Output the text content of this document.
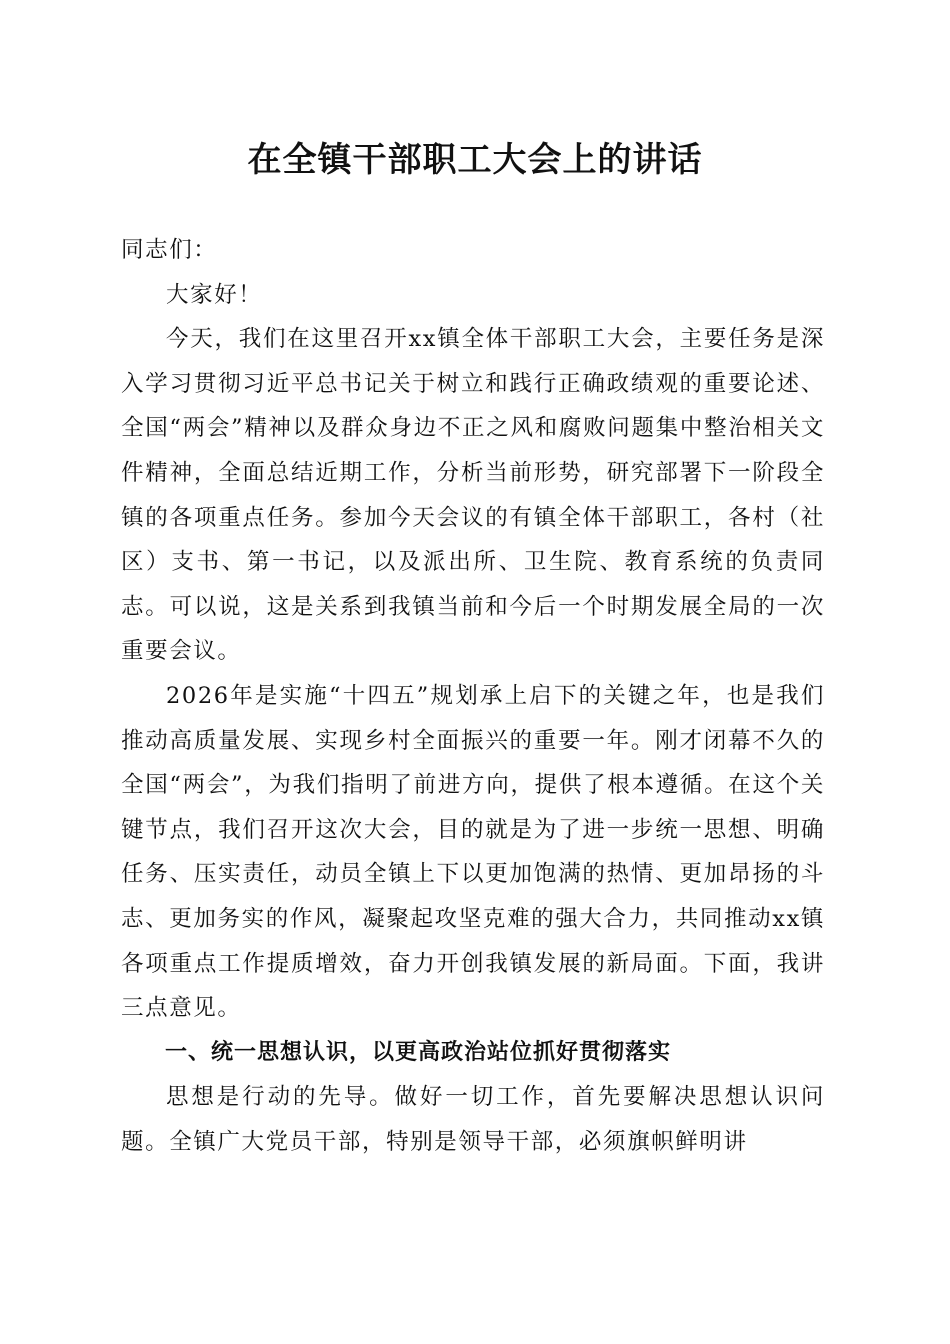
在全镇干部职工大会上的讲话

同志们：

大家好！

今天，我们在这里召开xx镇全体干部职工大会，主要任务是深入学习贯彻习近平总书记关于树立和践行正确政绩观的重要论述、全国“两会”精神以及群众身边不正之风和腐败问题集中整治相关文件精神，全面总结近期工作，分析当前形势，研究部署下一阶段全镇的各项重点任务。参加今天会议的有镇全体干部职工，各村（社区）支书、第一书记，以及派出所、卫生院、教育系统的负责同志。可以说，这是关系到我镇当前和今后一个时期发展全局的一次重要会议。

2026年是实施“十四五”规划承上启下的关键之年，也是我们推动高质量发展、实现乡村全面振兴的重要一年。刚才闭幕不久的全国“两会”，为我们指明了前进方向，提供了根本遵循。在这个关键节点，我们召开这次大会，目的就是为了进一步统一思想、明确任务、压实责任，动员全镇上下以更加饱满的热情、更加昂扬的斗志、更加务实的作风，凝聚起攻坚克难的强大合力，共同推动xx镇各项重点工作提质增效，奋力开创我镇发展的新局面。下面，我讲三点意见。

一、统一思想认识，以更高政治站位抓好贯彻落实

思想是行动的先导。做好一切工作，首先要解决思想认识问题。全镇广大党员干部，特别是领导干部，必须旗帜鲜明讲
